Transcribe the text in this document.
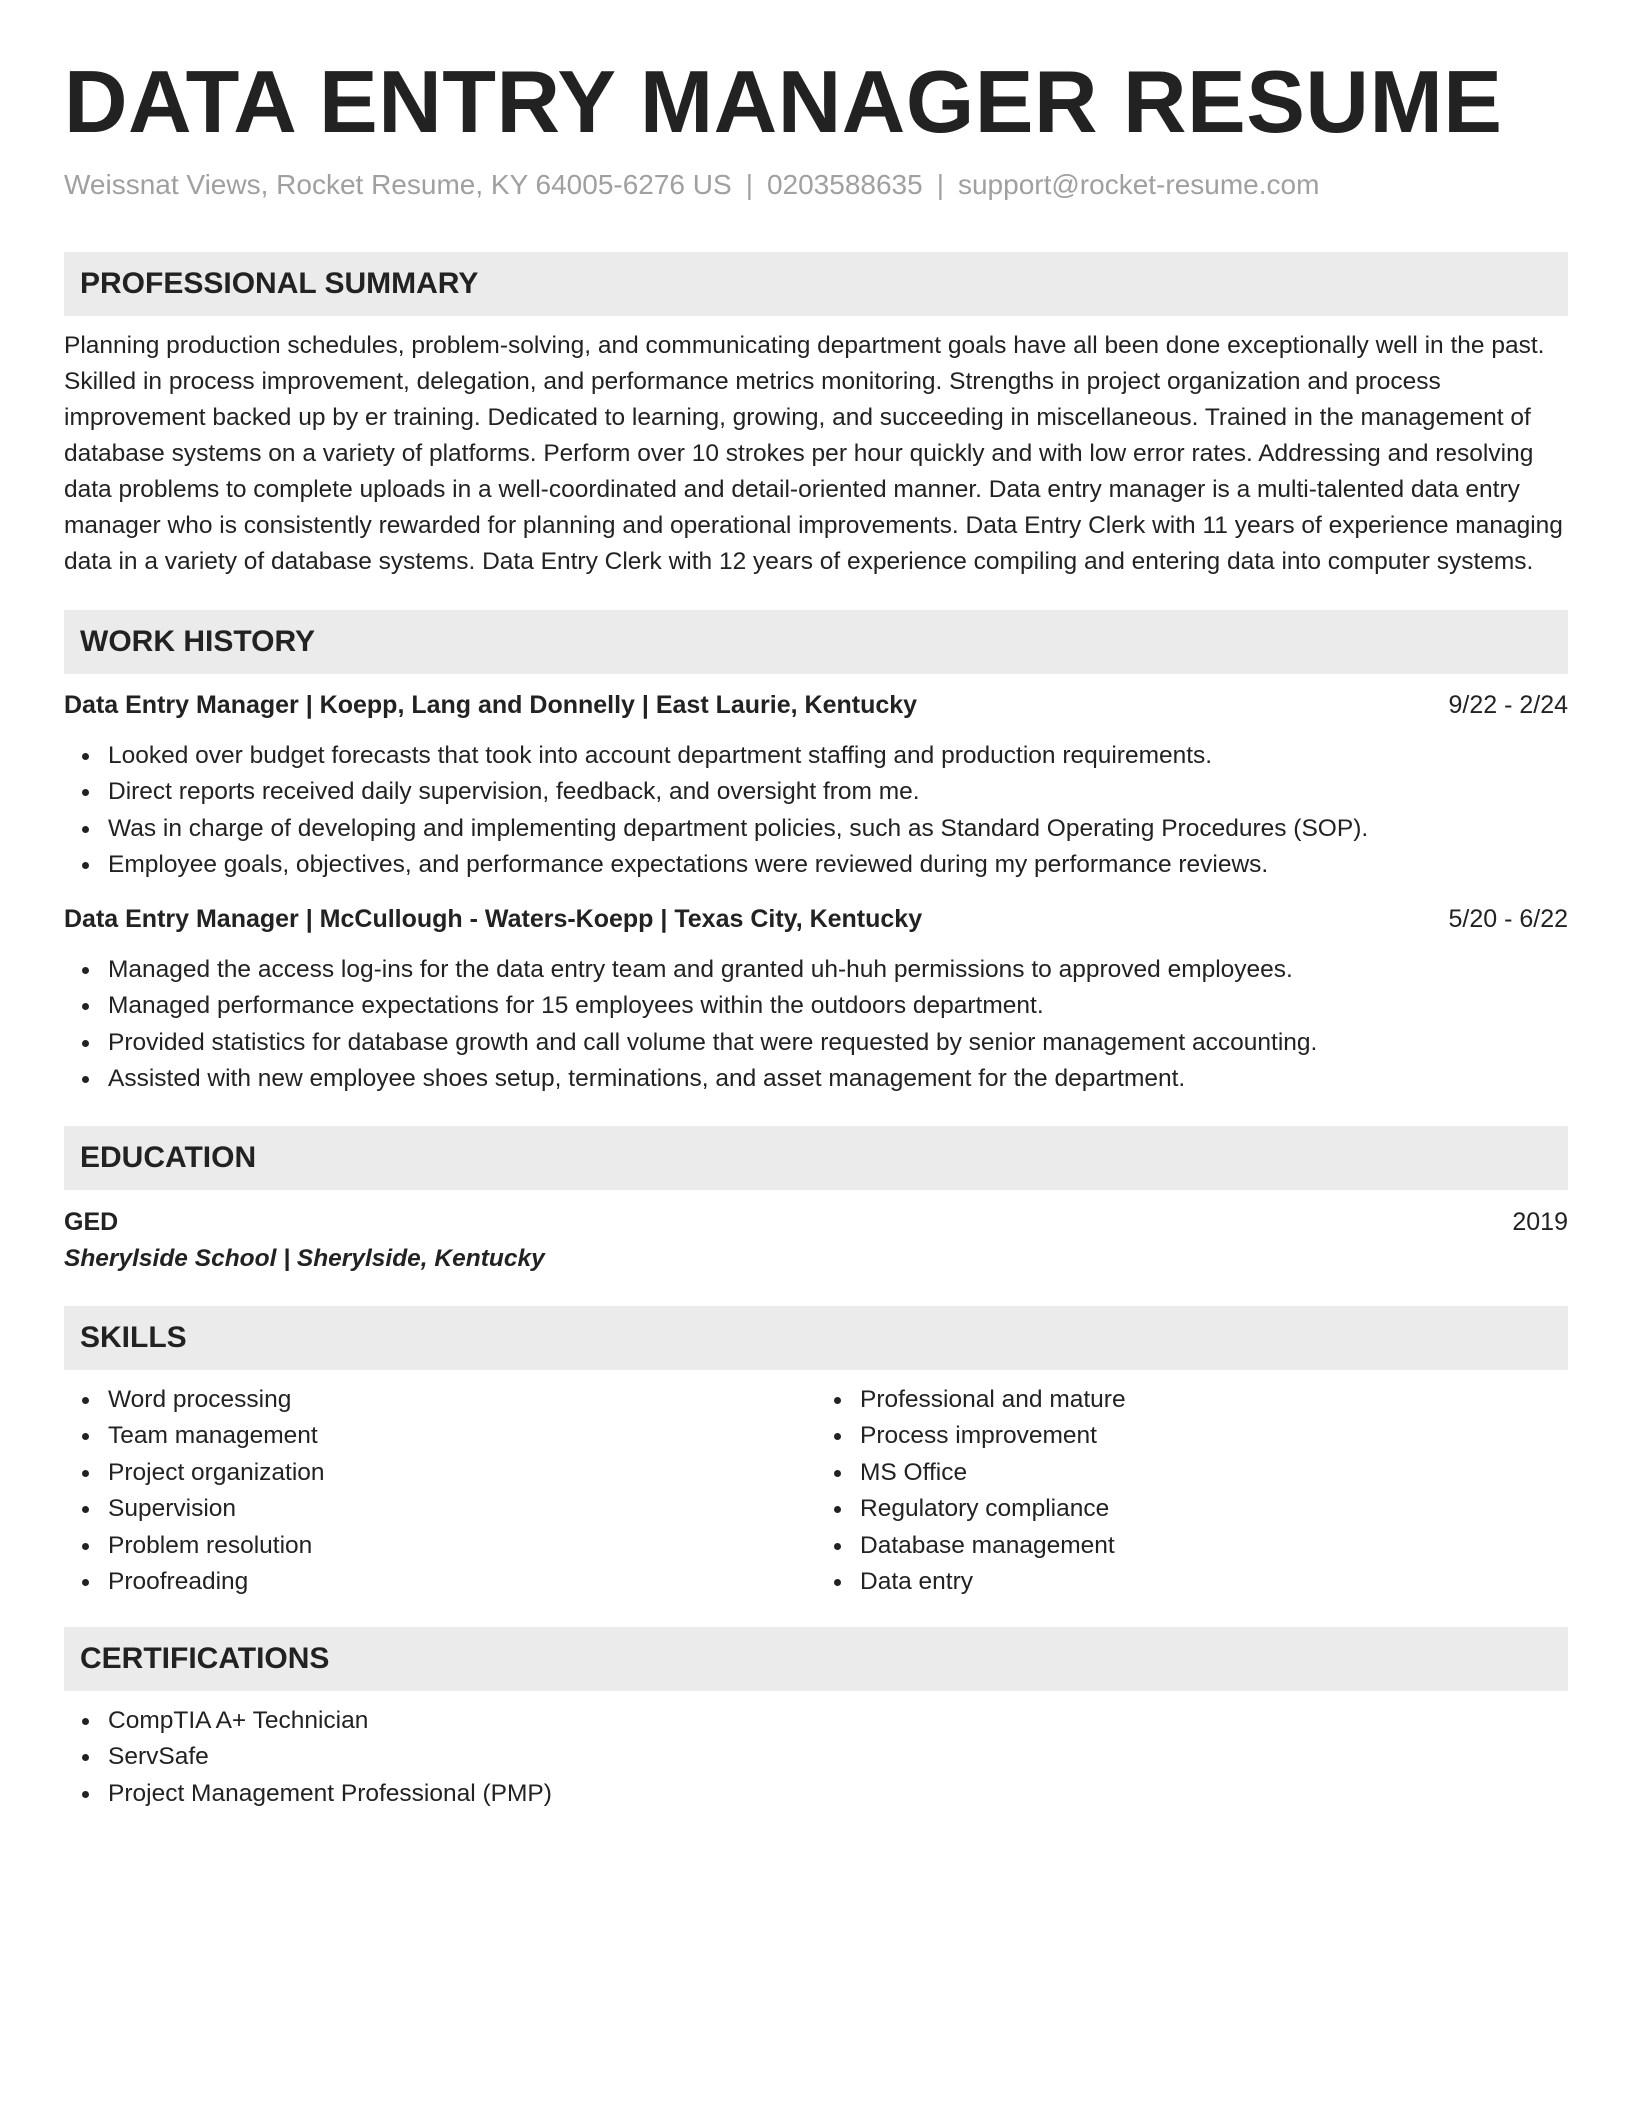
DATA ENTRY MANAGER RESUME
Weissnat Views, Rocket Resume, KY 64005-6276 US | 0203588635 | support@rocket-resume.com
PROFESSIONAL SUMMARY
Planning production schedules, problem-solving, and communicating department goals have all been done exceptionally well in the past. Skilled in process improvement, delegation, and performance metrics monitoring. Strengths in project organization and process improvement backed up by er training. Dedicated to learning, growing, and succeeding in miscellaneous. Trained in the management of database systems on a variety of platforms. Perform over 10 strokes per hour quickly and with low error rates. Addressing and resolving data problems to complete uploads in a well-coordinated and detail-oriented manner. Data entry manager is a multi-talented data entry manager who is consistently rewarded for planning and operational improvements. Data Entry Clerk with 11 years of experience managing data in a variety of database systems. Data Entry Clerk with 12 years of experience compiling and entering data into computer systems.
WORK HISTORY
Data Entry Manager | Koepp, Lang and Donnelly | East Laurie, Kentucky	9/22 - 2/24
Looked over budget forecasts that took into account department staffing and production requirements.
Direct reports received daily supervision, feedback, and oversight from me.
Was in charge of developing and implementing department policies, such as Standard Operating Procedures (SOP).
Employee goals, objectives, and performance expectations were reviewed during my performance reviews.
Data Entry Manager | McCullough - Waters-Koepp | Texas City, Kentucky	5/20 - 6/22
Managed the access log-ins for the data entry team and granted uh-huh permissions to approved employees.
Managed performance expectations for 15 employees within the outdoors department.
Provided statistics for database growth and call volume that were requested by senior management accounting.
Assisted with new employee shoes setup, terminations, and asset management for the department.
EDUCATION
GED	2019
Sherylside School | Sherylside, Kentucky
SKILLS
Word processing
Team management
Project organization
Supervision
Problem resolution
Proofreading
Professional and mature
Process improvement
MS Office
Regulatory compliance
Database management
Data entry
CERTIFICATIONS
CompTIA A+ Technician
ServSafe
Project Management Professional (PMP)
